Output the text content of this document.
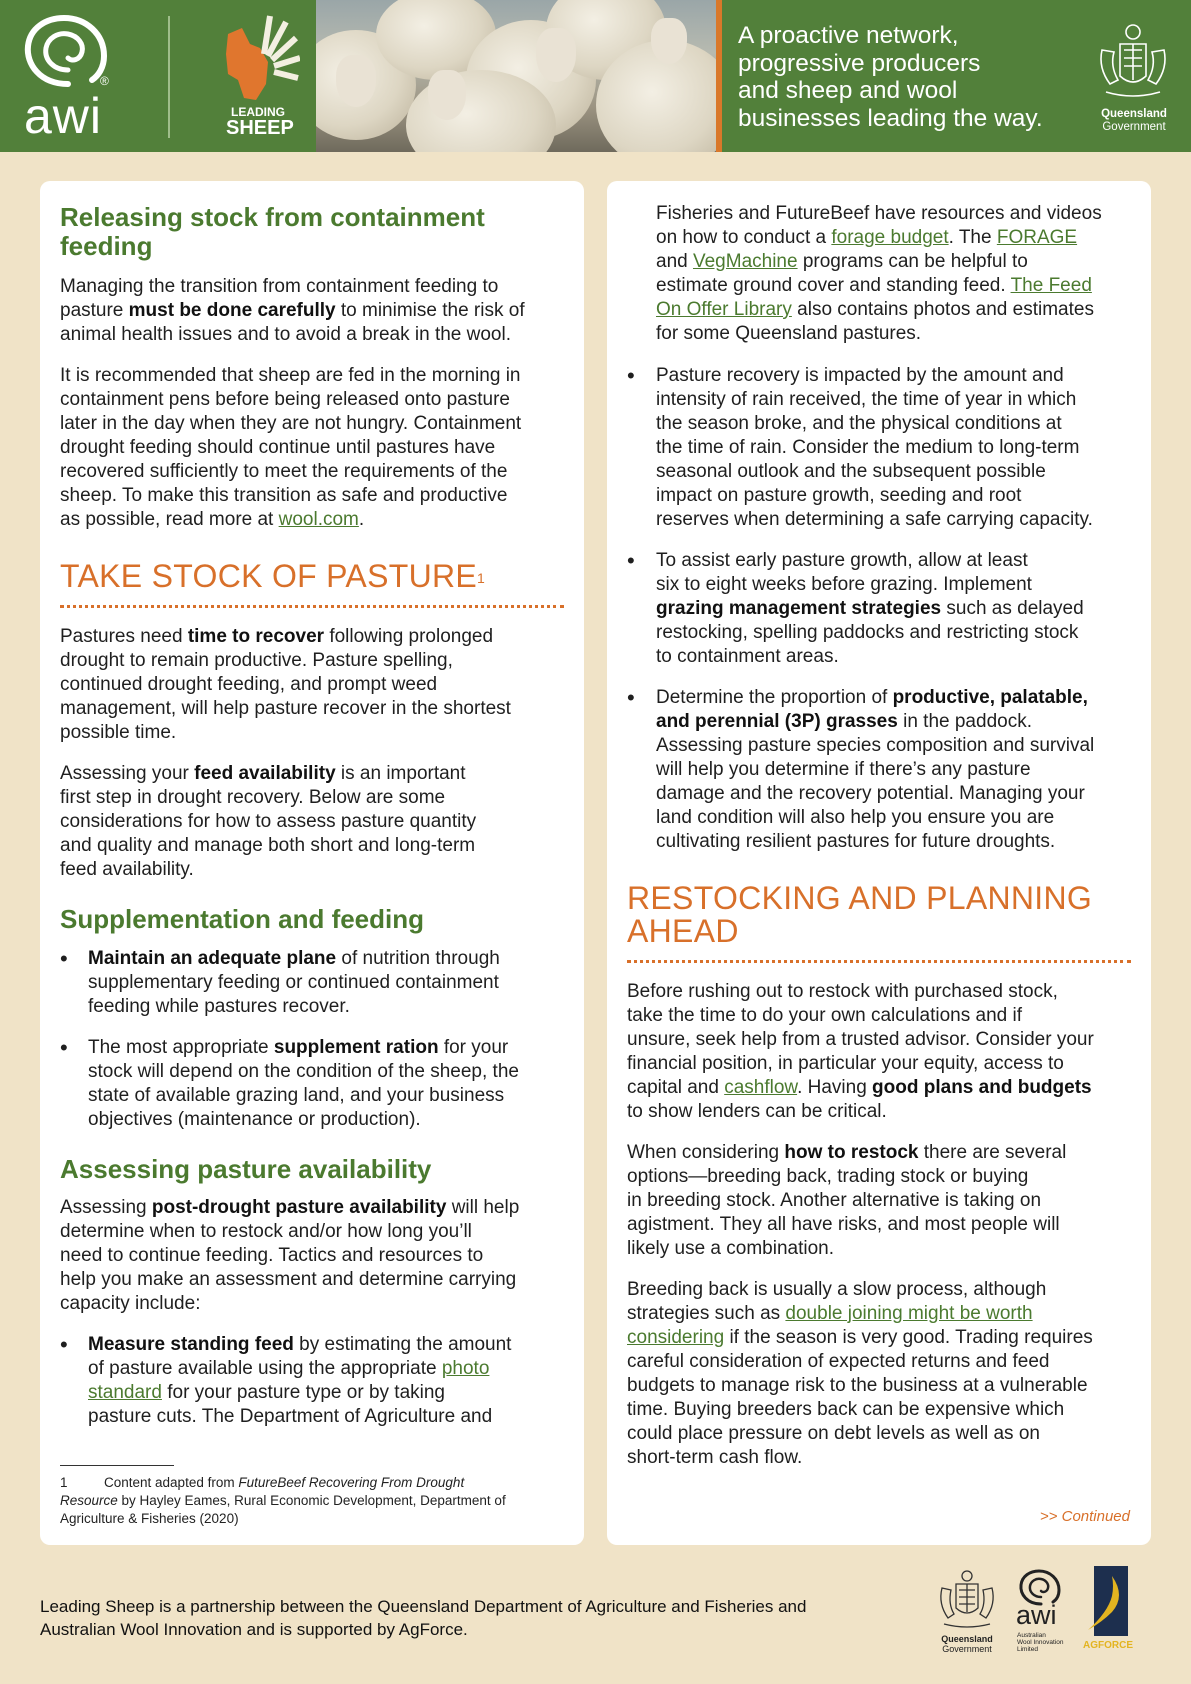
awi
®
LEADING
SHEEP
A proactive network,
progressive producers
and sheep and wool
businesses leading the way.	Queensland
Government
Releasing stock from containment
feeding
Managing the transition from containment feeding to
pasture must be done carefully to minimise the risk of
animal health issues and to avoid a break in the wool.
It is recommended that sheep are fed in the morning in
containment pens before being released onto pasture
later in the day when they are not hungry. Containment
drought feeding should continue until pastures have
recovered sufficiently to meet the requirements of the
sheep. To make this transition as safe and productive
as possible, read more at wool.com.
TAKE STOCK OF PASTURE$^1$
Pastures need time to recover following prolonged
drought to remain productive. Pasture spelling,
continued drought feeding, and prompt weed
management, will help pasture recover in the shortest
possible time.
Assessing your feed availability is an important
first step in drought recovery. Below are some
considerations for how to assess pasture quantity
and quality and manage both short and long-term
feed availability.
Supplementation and feeding
• Maintain an adequate plane of nutrition through
supplementary feeding or continued containment
feeding while pastures recover.
• The most appropriate supplement ration for your
stock will depend on the condition of the sheep, the
state of available grazing land, and your business
objectives (maintenance or production).
Assessing pasture availability
Assessing post-drought pasture availability will help
determine when to restock and/or how long you’ll
need to continue feeding. Tactics and resources to
help you make an assessment and determine carrying
capacity include:
• Measure standing feed by estimating the amount
of pasture available using the appropriate photo
standard for your pasture type or by taking
pasture cuts. The Department of Agriculture and
1	Content adapted from FutureBeef Recovering From Drought
Resource by Hayley Eames, Rural Economic Development, Department of
Agriculture & Fisheries (2020)
Fisheries and FutureBeef have resources and videos
on how to conduct a forage budget. The FORAGE
and VegMachine programs can be helpful to
estimate ground cover and standing feed. The Feed
On Offer Library also contains photos and estimates
for some Queensland pastures.
• Pasture recovery is impacted by the amount and
intensity of rain received, the time of year in which
the season broke, and the physical conditions at
the time of rain. Consider the medium to long-term
seasonal outlook and the subsequent possible
impact on pasture growth, seeding and root
reserves when determining a safe carrying capacity.
• To assist early pasture growth, allow at least
six to eight weeks before grazing. Implement
grazing management strategies such as delayed
restocking, spelling paddocks and restricting stock
to containment areas.
• Determine the proportion of productive, palatable,
and perennial (3P) grasses in the paddock.
Assessing pasture species composition and survival
will help you determine if there’s any pasture
damage and the recovery potential. Managing your
land condition will also help you ensure you are
cultivating resilient pastures for future droughts.
RESTOCKING AND PLANNING
AHEAD
Before rushing out to restock with purchased stock,
take the time to do your own calculations and if
unsure, seek help from a trusted advisor. Consider your
financial position, in particular your equity, access to
capital and cashflow. Having good plans and budgets
to show lenders can be critical.
When considering how to restock there are several
options—breeding back, trading stock or buying
in breeding stock. Another alternative is taking on
agistment. They all have risks, and most people will
likely use a combination.
Breeding back is usually a slow process, although
strategies such as double joining might be worth
considering if the season is very good. Trading requires
careful consideration of expected returns and feed
budgets to manage risk to the business at a vulnerable
time. Buying breeders back can be expensive which
could place pressure on debt levels as well as on
short-term cash flow.
>> Continued
Leading Sheep is a partnership between the Queensland Department of Agriculture and Fisheries and
Australian Wool Innovation and is supported by AgForce.	Queensland
Government
awi
Australian
Wool Innovation
Limited	AGFORCE
